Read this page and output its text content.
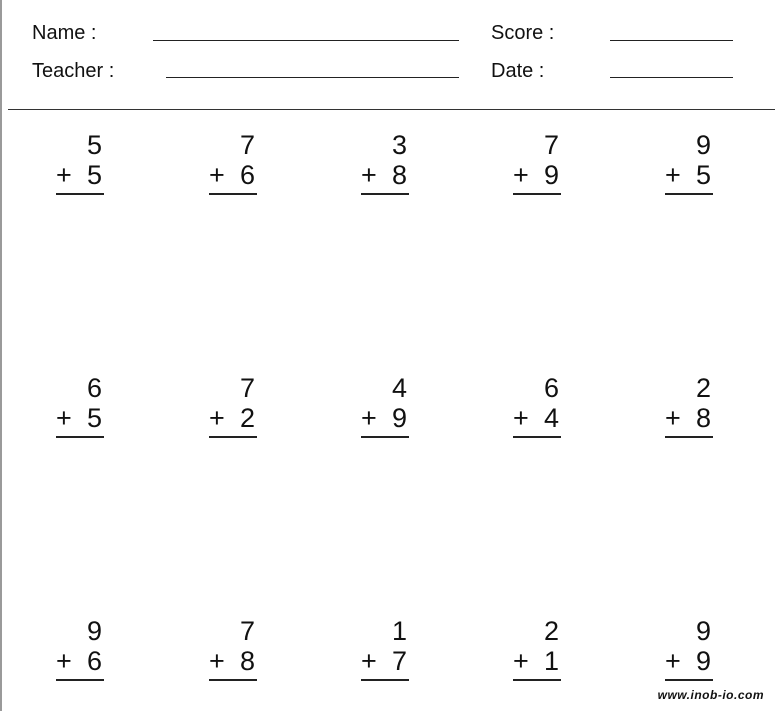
Name :
Teacher :
Score :
Date :
5
+ 5
7
+ 6
3
+ 8
7
+ 9
9
+ 5
6
+ 5
7
+ 2
4
+ 9
6
+ 4
2
+ 8
9
+ 6
7
+ 8
1
+ 7
2
+ 1
9
+ 9
www.inob-io.com
